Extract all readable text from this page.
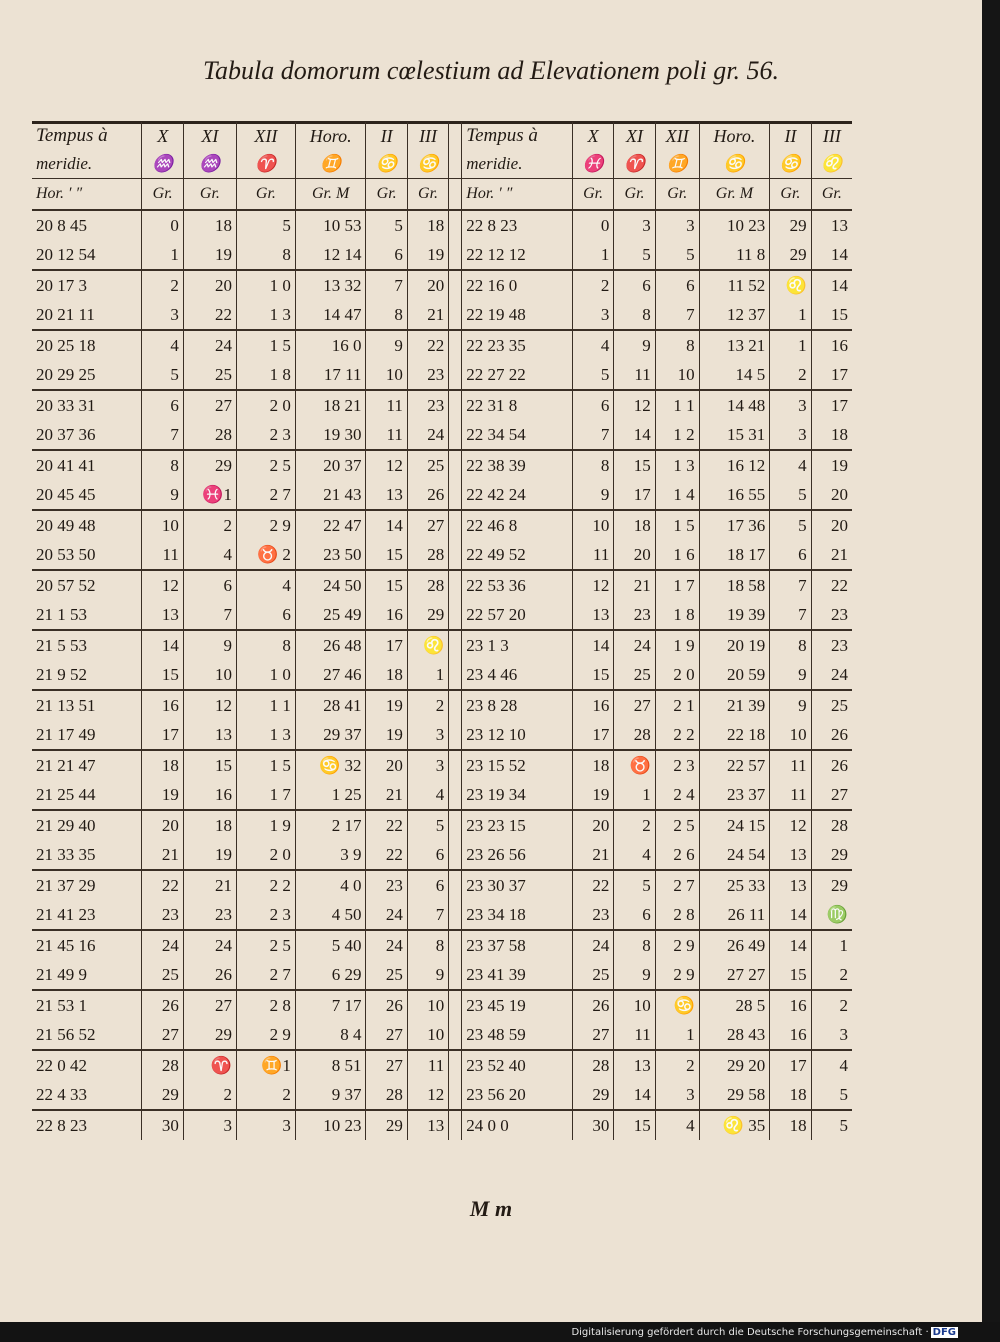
Tabula domorum cœlestium ad Elevationem poli gr. 56.
Tempus à	X	XI	XII	Horo.	II	III		Tempus à	X	XI	XII	Horo.	II	III
meridie.	♒	♒	♈	♊	♋	♋		meridie.	♓	♈	♊	♋	♋	♌
Hor. ′ ″	Gr.	Gr.	Gr.	Gr. M	Gr.	Gr.		Hor. ′ ″	Gr.	Gr.	Gr.	Gr. M	Gr.	Gr.
20 8 45	0	18	5	10 53	5	18		22 8 23	0	3	3	10 23	29	13
20 12 54	1	19	8	12 14	6	19		22 12 12	1	5	5	11 8	29	14
20 17 3	2	20	1 0	13 32	7	20		22 16 0	2	6	6	11 52	♌	14
20 21 11	3	22	1 3	14 47	8	21		22 19 48	3	8	7	12 37	1	15
20 25 18	4	24	1 5	16 0	9	22		22 23 35	4	9	8	13 21	1	16
20 29 25	5	25	1 8	17 11	10	23		22 27 22	5	11	10	14 5	2	17
20 33 31	6	27	2 0	18 21	11	23		22 31 8	6	12	1 1	14 48	3	17
20 37 36	7	28	2 3	19 30	11	24		22 34 54	7	14	1 2	15 31	3	18
20 41 41	8	29	2 5	20 37	12	25		22 38 39	8	15	1 3	16 12	4	19
20 45 45	9	♓1	2 7	21 43	13	26		22 42 24	9	17	1 4	16 55	5	20
20 49 48	10	2	2 9	22 47	14	27		22 46 8	10	18	1 5	17 36	5	20
20 53 50	11	4	♉ 2	23 50	15	28		22 49 52	11	20	1 6	18 17	6	21
20 57 52	12	6	4	24 50	15	28		22 53 36	12	21	1 7	18 58	7	22
21 1 53	13	7	6	25 49	16	29		22 57 20	13	23	1 8	19 39	7	23
21 5 53	14	9	8	26 48	17	♌		23 1 3	14	24	1 9	20 19	8	23
21 9 52	15	10	1 0	27 46	18	1		23 4 46	15	25	2 0	20 59	9	24
21 13 51	16	12	1 1	28 41	19	2		23 8 28	16	27	2 1	21 39	9	25
21 17 49	17	13	1 3	29 37	19	3		23 12 10	17	28	2 2	22 18	10	26
21 21 47	18	15	1 5	♋ 32	20	3		23 15 52	18	♉	2 3	22 57	11	26
21 25 44	19	16	1 7	1 25	21	4		23 19 34	19	1	2 4	23 37	11	27
21 29 40	20	18	1 9	2 17	22	5		23 23 15	20	2	2 5	24 15	12	28
21 33 35	21	19	2 0	3 9	22	6		23 26 56	21	4	2 6	24 54	13	29
21 37 29	22	21	2 2	4 0	23	6		23 30 37	22	5	2 7	25 33	13	29
21 41 23	23	23	2 3	4 50	24	7		23 34 18	23	6	2 8	26 11	14	♍
21 45 16	24	24	2 5	5 40	24	8		23 37 58	24	8	2 9	26 49	14	1
21 49 9	25	26	2 7	6 29	25	9		23 41 39	25	9	2 9	27 27	15	2
21 53 1	26	27	2 8	7 17	26	10		23 45 19	26	10	♋	28 5	16	2
21 56 52	27	29	2 9	8 4	27	10		23 48 59	27	11	1	28 43	16	3
22 0 42	28	♈	♊1	8 51	27	11		23 52 40	28	13	2	29 20	17	4
22 4 33	29	2	2	9 37	28	12		23 56 20	29	14	3	29 58	18	5
22 8 23	30	3	3	10 23	29	13		24 0 0	30	15	4	♌ 35	18	5
M m
Digitalisierung gefördert durch die Deutsche Forschungsgemeinschaft · DFG
